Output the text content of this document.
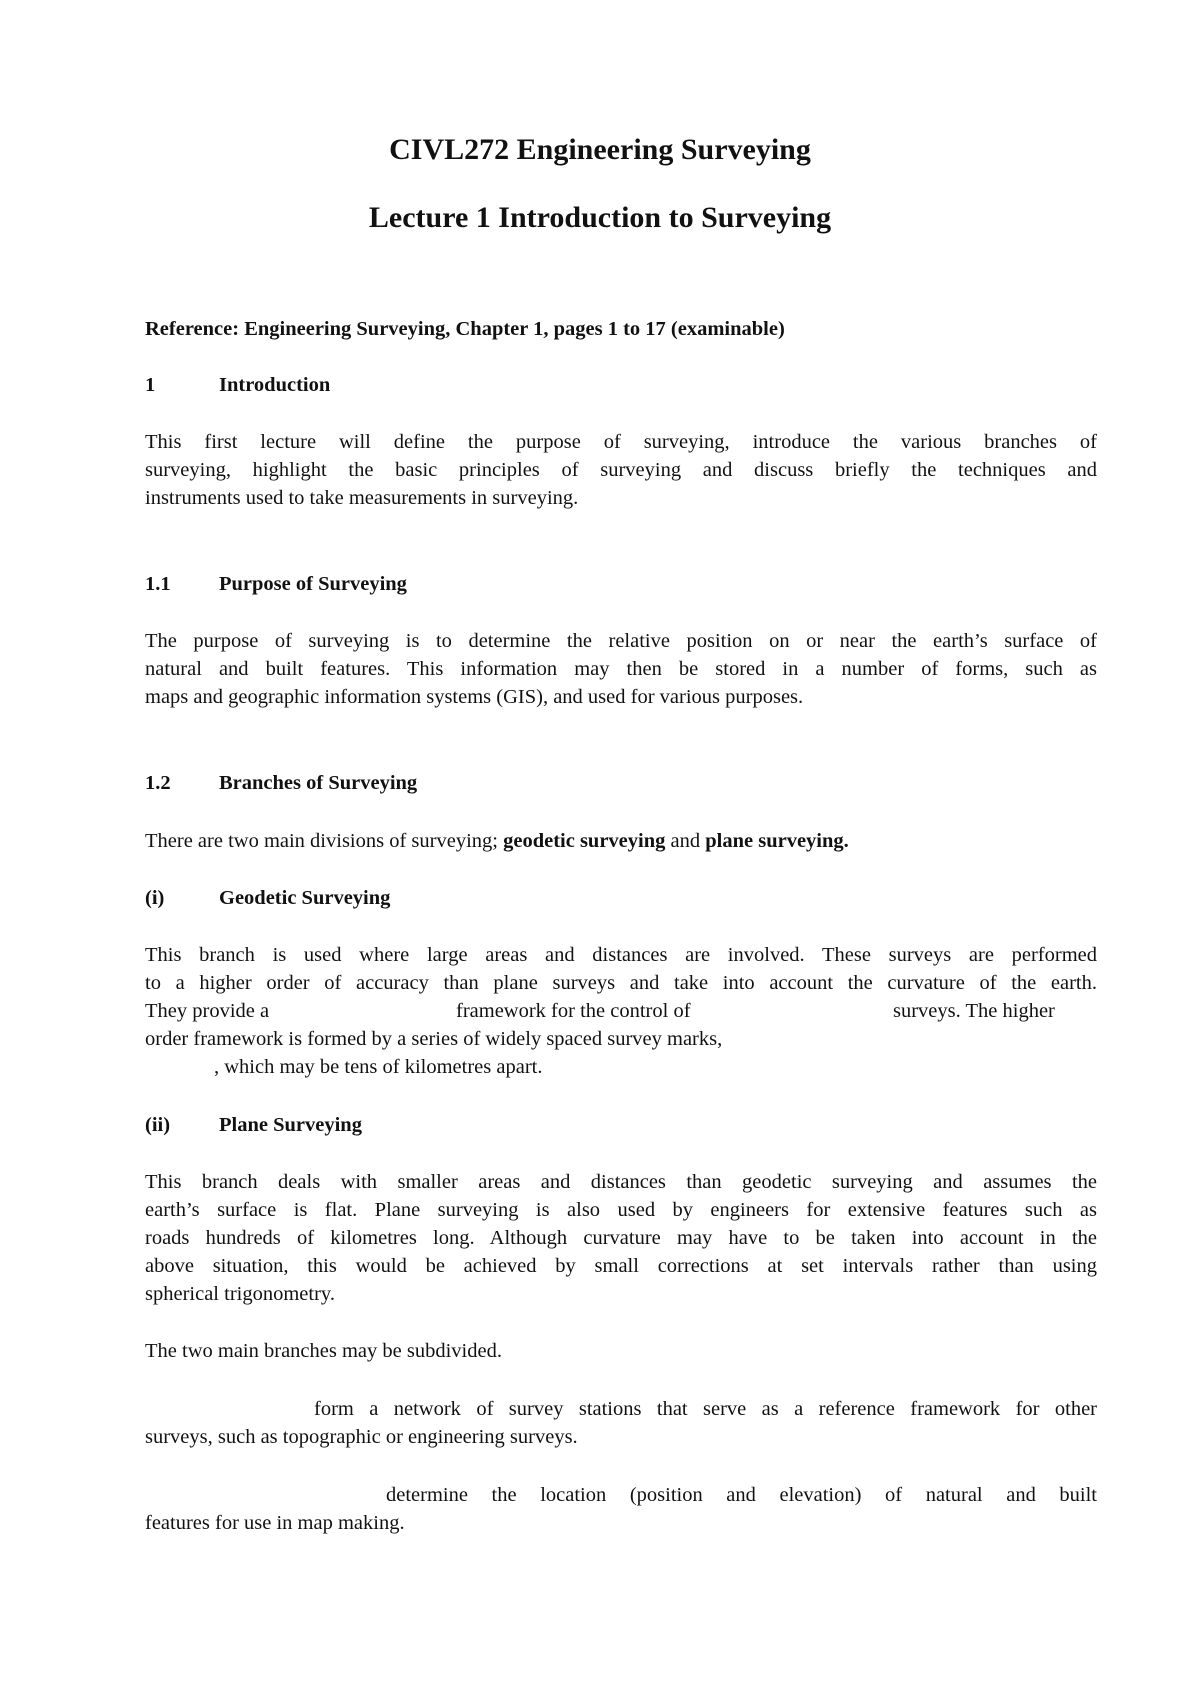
CIVL272 Engineering Surveying
Lecture 1 Introduction to Surveying
Reference: Engineering Surveying, Chapter 1, pages 1 to 17 (examinable)
1	Introduction
This first lecture will define the purpose of surveying, introduce the various branches of
surveying, highlight the basic principles of surveying and discuss briefly the techniques and
instruments used to take measurements in surveying.
1.1 Purpose of Surveying
The purpose of surveying is to determine the relative position on or near the earth’s surface of
natural and built features. This information may then be stored in a number of forms, such as
maps and geographic information systems (GIS), and used for various purposes.
1.2 Branches of Surveying
There are two main divisions of surveying; geodetic surveying and plane surveying.
(i)	Geodetic Surveying
This branch is used where large areas and distances are involved. These surveys are performed
to a higher order of accuracy than plane surveys and take into account the curvature of the earth.
They provide a	framework for the control of	surveys. The higher
order framework is formed by a series of widely spaced survey marks,
, which may be tens of kilometres apart.
(ii) Plane Surveying
This branch deals with smaller areas and distances than geodetic surveying and assumes the
earth’s surface is flat. Plane surveying is also used by engineers for extensive features such as
roads hundreds of kilometres long. Although curvature may have to be taken into account in the
above situation, this would be achieved by small corrections at set intervals rather than using
spherical trigonometry.
The two main branches may be subdivided.
form a network of survey stations that serve as a reference framework for other
surveys, such as topographic or engineering surveys.
determine the location (position and elevation) of natural and built
features for use in map making.
